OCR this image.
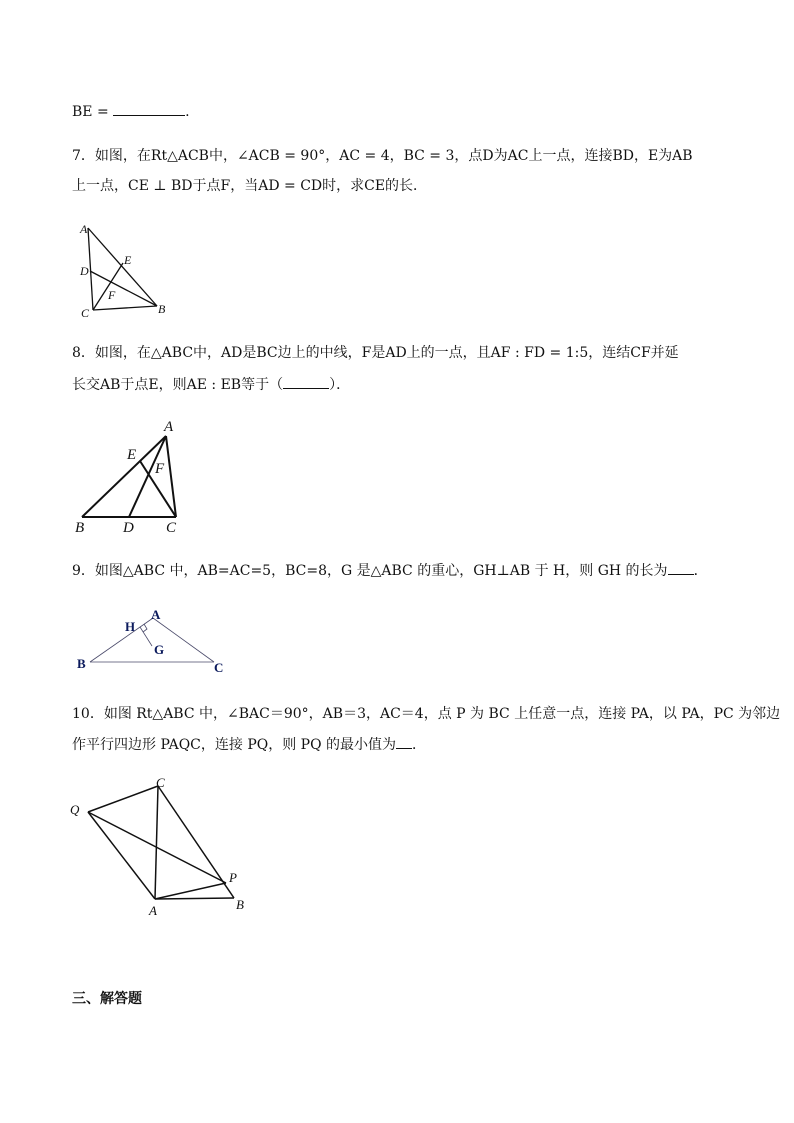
BE =	.
7．如图，在Rt△ACB中，∠ACB = 90°，AC = 4，BC = 3，点D为AC上一点，连接BD，E为AB
上一点，CE ⊥ BD于点F，当AD = CD时，求CE的长．
A
D
E
F
C	B
8．如图，在△ABC中，AD是BC边上的中线，F是AD上的一点，且AF : FD = 1:5，连结CF并延
长交AB于点E，则AE : EB等于（	）．
A
E
F
B	D C
9．如图△ABC 中，AB=AC=5，BC=8，G 是△ABC 的重心，GH⊥AB 于 H，则 GH 的长为 ．
A
H
G
B	C
10．如图 Rt△ABC 中，∠BAC＝90°，AB＝3，AC＝4，点 P 为 BC 上任意一点，连接 PA，以 PA，PC 为邻边
作平行四边形 PAQC，连接 PQ，则 PQ 的最小值为 ．
C
Q
P
A	B
三、解答题
